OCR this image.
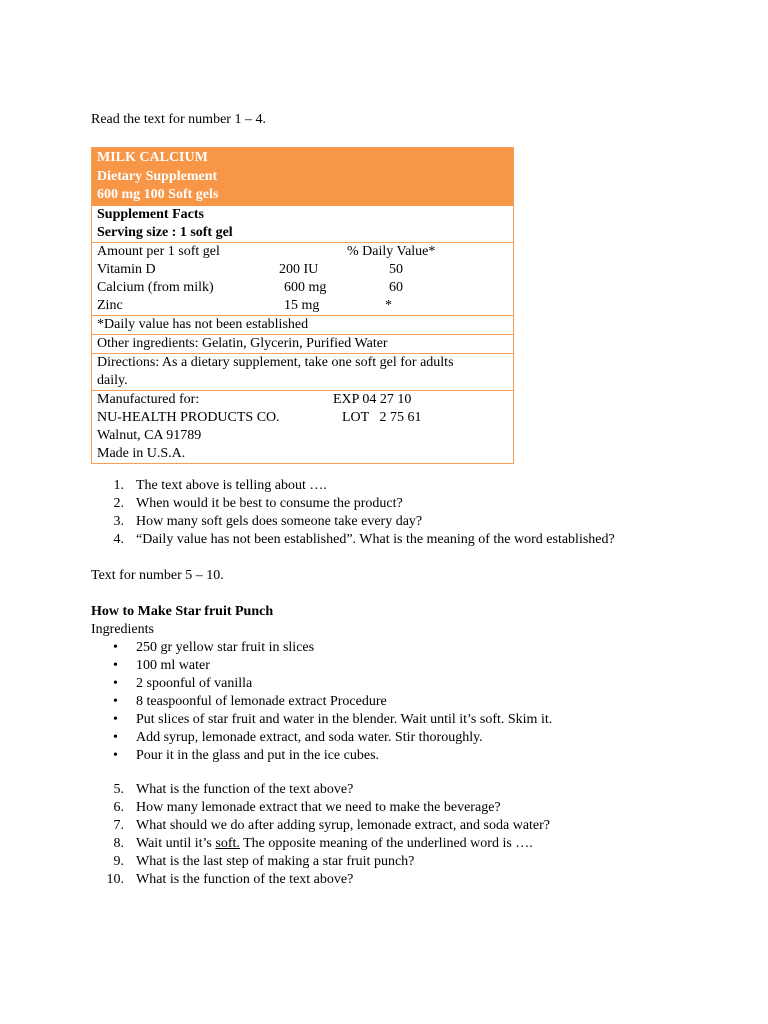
Read the text for number 1 – 4.
MILK CALCIUM
Dietary Supplement
600 mg 100 Soft gels
Supplement Facts
Serving size : 1 soft gel
Amount per 1 soft gel	% Daily Value*
Vitamin D	200 IU	50
Calcium (from milk)	600 mg	60
Zinc	15 mg	*
*Daily value has not been established
Other ingredients: Gelatin, Glycerin, Purified Water
Directions: As a dietary supplement, take one soft gel for adults
daily.
Manufactured for:	EXP 04 27 10
NU-HEALTH PRODUCTS CO.	LOT   2 75 61
Walnut, CA 91789
Made in U.S.A.
1. The text above is telling about ….
2. When would it be best to consume the product?
3. How many soft gels does someone take every day?
4. “Daily value has not been established”. What is the meaning of the word established?
Text for number 5 – 10.
How to Make Star fruit Punch
Ingredients
• 250 gr yellow star fruit in slices
• 100 ml water
• 2 spoonful of vanilla
• 8 teaspoonful of lemonade extract Procedure
• Put slices of star fruit and water in the blender. Wait until it’s soft. Skim it.
• Add syrup, lemonade extract, and soda water. Stir thoroughly.
• Pour it in the glass and put in the ice cubes.
5. What is the function of the text above?
6. How many lemonade extract that we need to make the beverage?
7. What should we do after adding syrup, lemonade extract, and soda water?
8. Wait until it’s soft. The opposite meaning of the underlined word is ….
9. What is the last step of making a star fruit punch?
10. What is the function of the text above?
